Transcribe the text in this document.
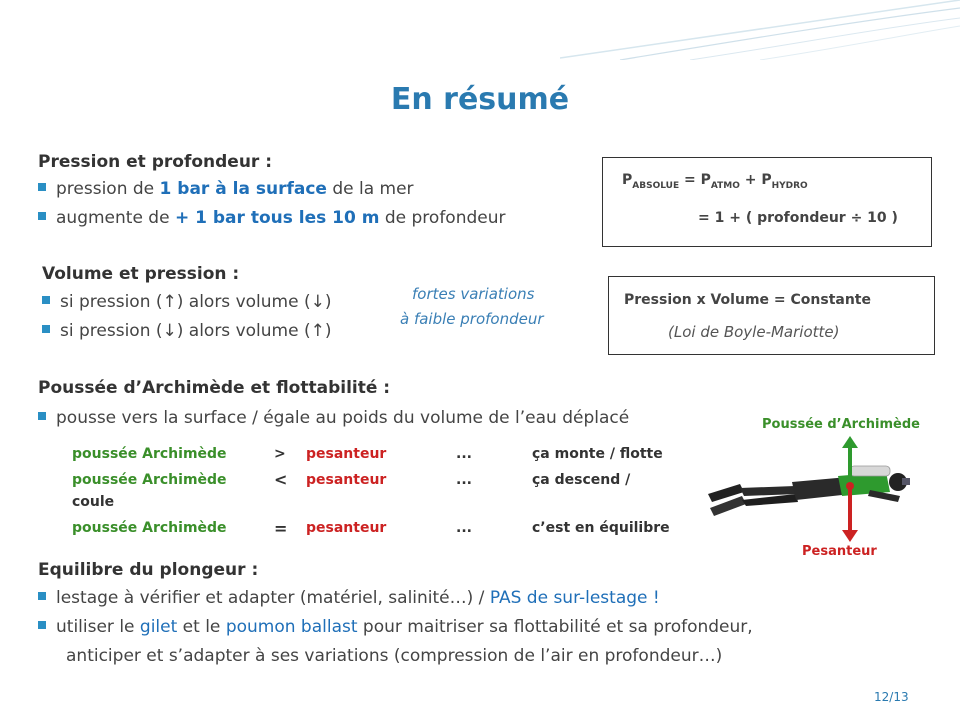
En résumé
Pression et profondeur :
pression de 1 bar à la surface de la mer
augmente de + 1 bar tous les 10 m de profondeur
$P_{ABSOLUE} = P_{ATMO} + P_{HYDRO}$
= 1 + ( profondeur ÷ 10 )
Volume et pression :
si pression (↑) alors volume (↓)
si pression (↓) alors volume (↑)
fortes variations
à faible profondeur
Pression x Volume = Constante
(Loi de Boyle-Mariotte)
Poussée d’Archimède et flottabilité :
pousse vers la surface / égale au poids du volume de l’eau déplacé
poussée Archimède	> pesanteur	...	ça monte / flotte
poussée Archimède	< pesanteur	...	ça descend /
coule
poussée Archimède	= pesanteur	...	c’est en équilibre
Poussée d’Archimède
Pesanteur
Equilibre du plongeur :
lestage à vérifier et adapter (matériel, salinité…) / PAS de sur-lestage !
utiliser le gilet et le poumon ballast pour maitriser sa flottabilité et sa profondeur,
anticiper et s’adapter à ses variations (compression de l’air en profondeur…)
12/13
